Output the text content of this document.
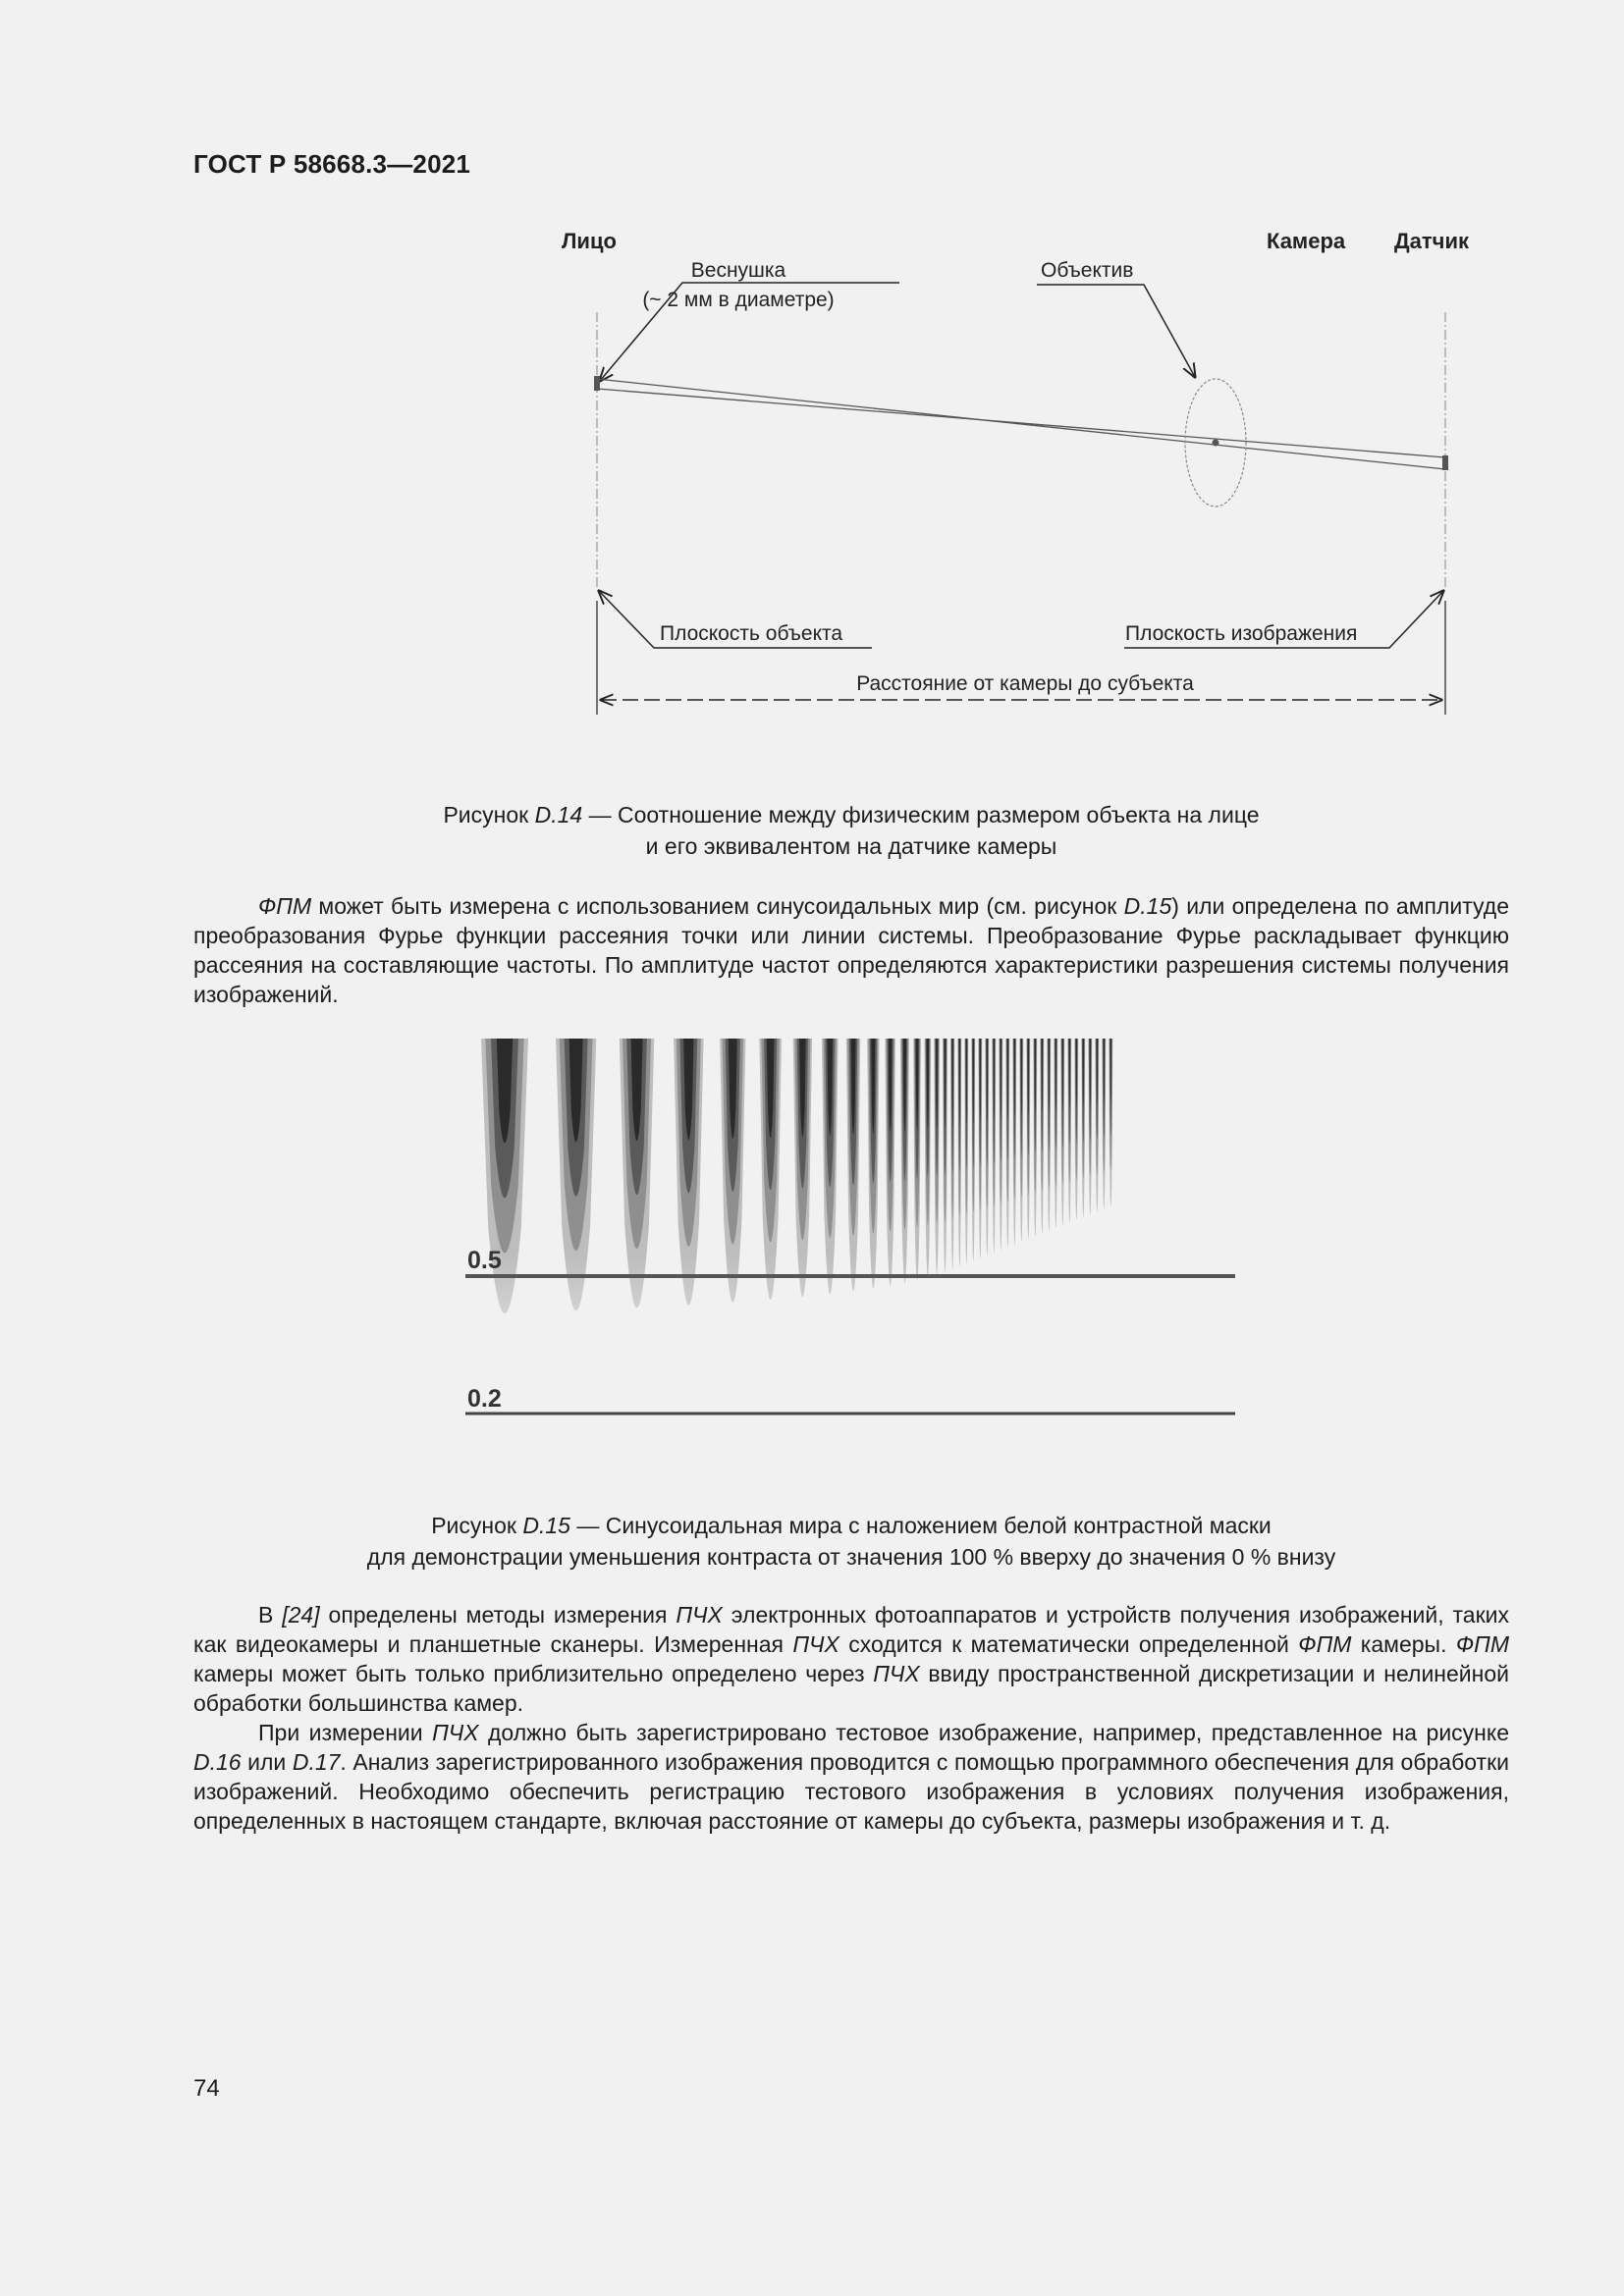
ГОСТ Р 58668.3—2021
Лицо	Камера Датчик
Веснушка
(~ 2 мм в диаметре)
Объектив
Плоскость объекта	Плоскость изображения
Расстояние от камеры до субъекта
Рисунок D.14 — Соотношение между физическим размером объекта на лице
и его эквивалентом на датчике камеры

ФПМ может быть измерена с использованием синусоидальных мир (см. рисунок D.15) или определена по амплитуде преобразования Фурье функции рассеяния точки или линии системы. Преобразование Фурье раскладывает функцию рассеяния на составляющие частоты. По амплитуде частот определяются характеристики разрешения системы получения изображений.

0.5
0.2
Рисунок D.15 — Синусоидальная мира с наложением белой контрастной маски
для демонстрации уменьшения контраста от значения 100 % вверху до значения 0 % внизу

В [24] определены методы измерения ПЧХ электронных фотоаппаратов и устройств получения изображений, таких как видеокамеры и планшетные сканеры. Измеренная ПЧХ сходится к математически определенной ФПМ камеры. ФПМ камеры может быть только приблизительно определено через ПЧХ ввиду пространственной дискретизации и нелинейной обработки большинства камер.

При измерении ПЧХ должно быть зарегистрировано тестовое изображение, например, представленное на рисунке D.16 или D.17. Анализ зарегистрированного изображения проводится с помощью программного обеспечения для обработки изображений. Необходимо обеспечить регистрацию тестового изображения в условиях получения изображения, определенных в настоящем стандарте, включая расстояние от камеры до субъекта, размеры изображения и т. д.

74
